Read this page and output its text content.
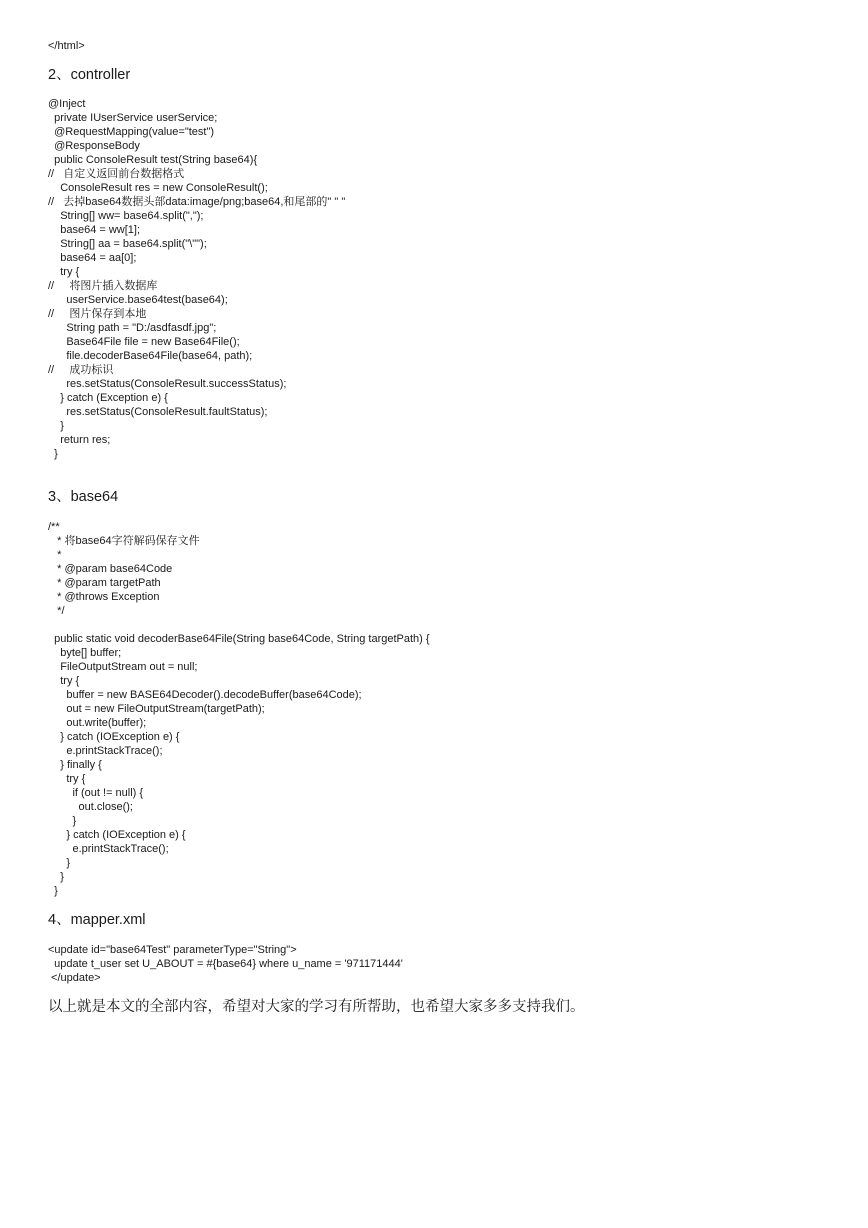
</html>
2、controller
@Inject
private IUserService userService;
@RequestMapping(value="test")
@ResponseBody
public ConsoleResult test(String base64){
//   自定义返回前台数据格式
ConsoleResult res = new ConsoleResult();
//   去掉base64数据头部data:image/png;base64,和尾部的" " "
String[] ww= base64.split(",");
base64 = ww[1];
String[] aa = base64.split("\"");
base64 = aa[0];
try {
//     将图片插入数据库
userService.base64test(base64);
//     图片保存到本地
String path = "D:/asdfasdf.jpg";
Base64File file = new Base64File();
file.decoderBase64File(base64, path);
//     成功标识
res.setStatus(ConsoleResult.successStatus);
} catch (Exception e) {
res.setStatus(ConsoleResult.faultStatus);
}
return res;
}
3、base64
/**
* 将base64字符解码保存文件
*
* @param base64Code
* @param targetPath
* @throws Exception
*/
public static void decoderBase64File(String base64Code, String targetPath) {
byte[] buffer;
FileOutputStream out = null;
try {
buffer = new BASE64Decoder().decodeBuffer(base64Code);
out = new FileOutputStream(targetPath);
out.write(buffer);
} catch (IOException e) {
e.printStackTrace();
} finally {
try {
if (out != null) {
out.close();
}
} catch (IOException e) {
e.printStackTrace();
}
}
}
4、mapper.xml
<update id="base64Test" parameterType="String">
update t_user set U_ABOUT = #{base64} where u_name = '971171444'
</update>
以上就是本文的全部内容，希望对大家的学习有所帮助，也希望大家多多支持我们。
